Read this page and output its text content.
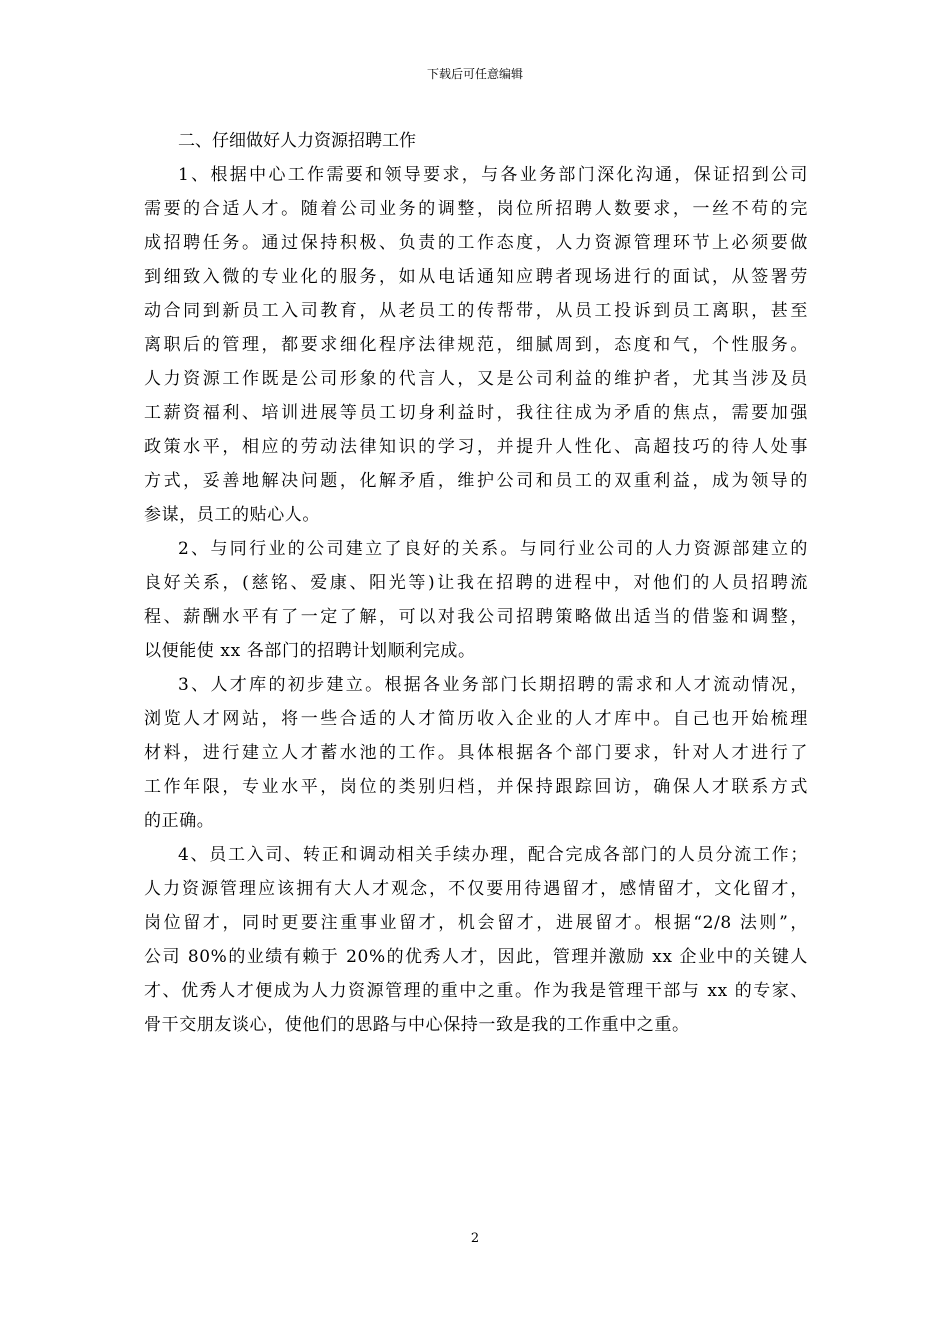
下载后可任意编辑

二、仔细做好人力资源招聘工作

1、根据中心工作需要和领导要求，与各业务部门深化沟通，保证招到公司
需要的合适人才。随着公司业务的调整，岗位所招聘人数要求，一丝不苟的完
成招聘任务。通过保持积极、负责的工作态度，人力资源管理环节上必须要做
到细致入微的专业化的服务，如从电话通知应聘者现场进行的面试，从签署劳
动合同到新员工入司教育，从老员工的传帮带，从员工投诉到员工离职，甚至
离职后的管理，都要求细化程序法律规范，细腻周到，态度和气，个性服务。
人力资源工作既是公司形象的代言人，又是公司利益的维护者，尤其当涉及员
工薪资福利、培训进展等员工切身利益时，我往往成为矛盾的焦点，需要加强
政策水平，相应的劳动法律知识的学习，并提升人性化、高超技巧的待人处事
方式，妥善地解决问题，化解矛盾，维护公司和员工的双重利益，成为领导的
参谋，员工的贴心人。
2、与同行业的公司建立了良好的关系。与同行业公司的人力资源部建立的
良好关系，(慈铭、爱康、阳光等)让我在招聘的进程中，对他们的人员招聘流
程、薪酬水平有了一定了解，可以对我公司招聘策略做出适当的借鉴和调整，
以便能使 xx 各部门的招聘计划顺利完成。
3、人才库的初步建立。根据各业务部门长期招聘的需求和人才流动情况，
浏览人才网站，将一些合适的人才简历收入企业的人才库中。自己也开始梳理
材料，进行建立人才蓄水池的工作。具体根据各个部门要求，针对人才进行了
工作年限，专业水平，岗位的类别归档，并保持跟踪回访，确保人才联系方式
的正确。
4、员工入司、转正和调动相关手续办理，配合完成各部门的人员分流工作；
人力资源管理应该拥有大人才观念，不仅要用待遇留才，感情留才，文化留才，
岗位留才，同时更要注重事业留才，机会留才，进展留才。根据“2/8 法则”，
公司 80%的业绩有赖于 20%的优秀人才，因此，管理并激励 xx 企业中的关键人
才、优秀人才便成为人力资源管理的重中之重。作为我是管理干部与 xx 的专家、
骨干交朋友谈心，使他们的思路与中心保持一致是我的工作重中之重。
2
